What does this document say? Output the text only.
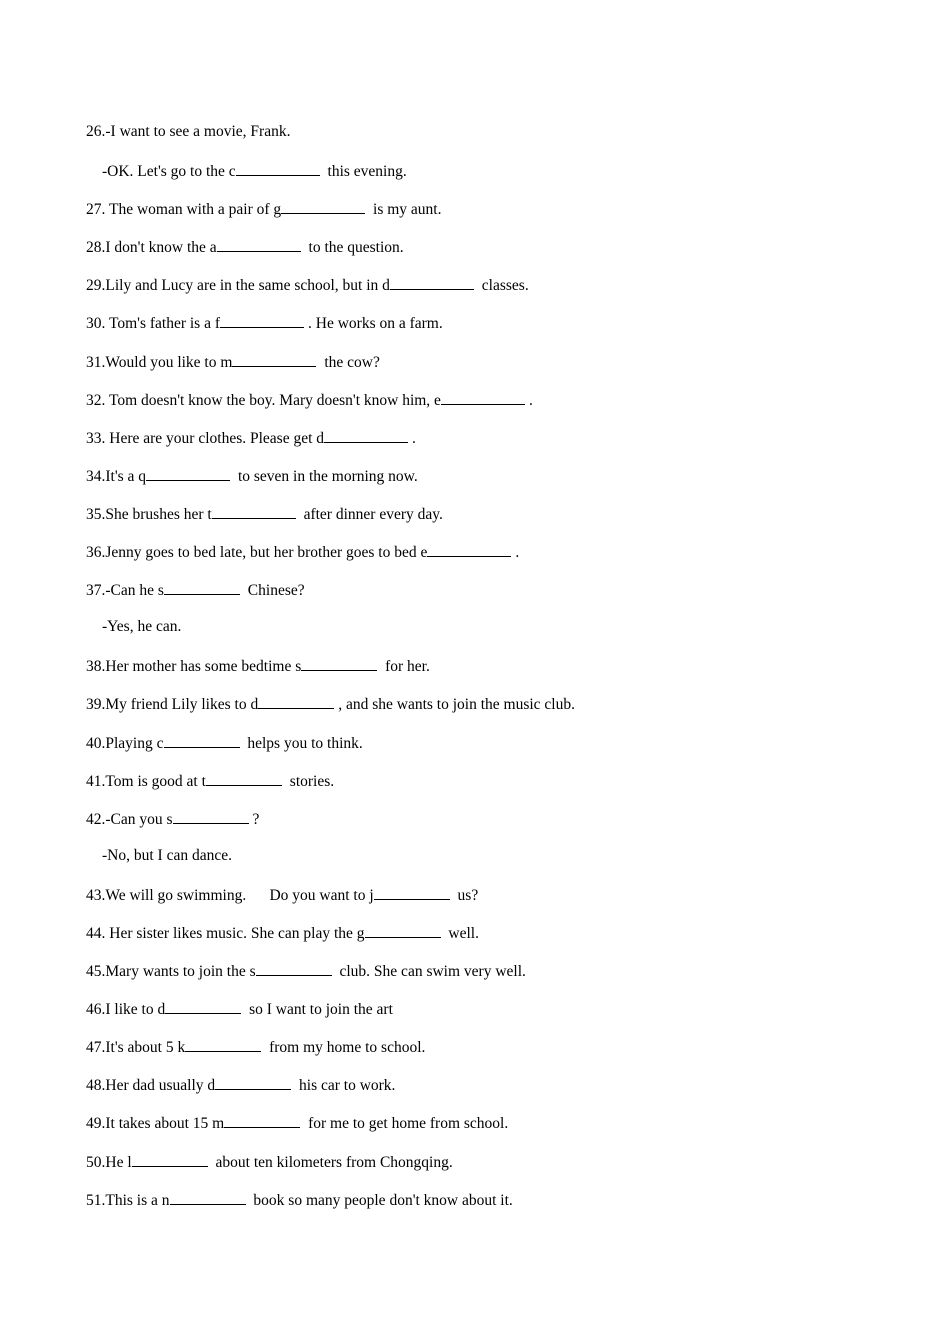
26.-I want to see a movie, Frank.
-OK. Let's go to the c	this evening.
27. The woman with a pair of g	is my aunt.
28.I don't know the a	to the question.
29.Lily and Lucy are in the same school, but in d	classes.
30. Tom's father is a f	. He works on a farm.
31.Would you like to m	the cow?
32. Tom doesn't know the boy. Mary doesn't know him, e	.
33. Here are your clothes. Please get d	.
34.It's a q	to seven in the morning now.
35.She brushes her t	after dinner every day.
36.Jenny goes to bed late, but her brother goes to bed e	.
37.-Can he s	Chinese?
-Yes, he can.
38.Her mother has some bedtime s	for her.
39.My friend Lily likes to d	, and she wants to join the music club.
40.Playing c	helps you to think.
41.Tom is good at t	stories.
42.-Can you s	?
-No, but I can dance.
43.We will go swimming.      Do you want to j	us?
44. Her sister likes music. She can play the g	well.
45.Mary wants to join the s	club. She can swim very well.
46.I like to d	so I want to join the art
47.It's about 5 k	from my home to school.
48.Her dad usually d	his car to work.
49.It takes about 15 m	for me to get home from school.
50.He l	about ten kilometers from Chongqing.
51.This is a n	book so many people don't know about it.
